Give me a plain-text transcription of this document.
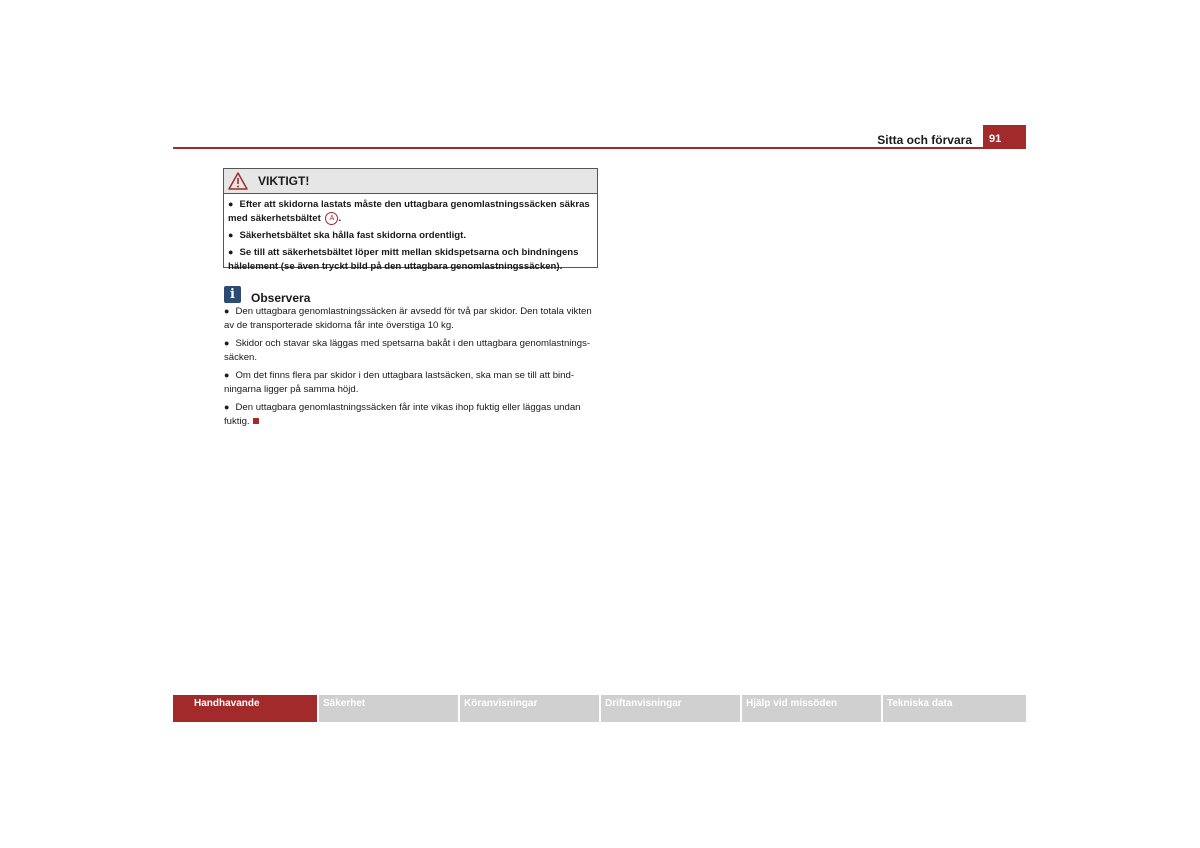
Sitta och förvara	91
VIKTIGT!
● Efter att skidorna lastats måste den uttagbara genomlastningssäcken säkras med säkerhetsbältet A .
● Säkerhetsbältet ska hålla fast skidorna ordentligt.
● Se till att säkerhetsbältet löper mitt mellan skidspetsarna och bindningens hälelement (se även tryckt bild på den uttagbara genomlastningssäcken).
i	Observera
● Den uttagbara genomlastningssäcken är avsedd för två par skidor. Den totala vikten av de transporterade skidorna får inte överstiga 10 kg.
● Skidor och stavar ska läggas med spetsarna bakåt i den uttagbara genomlastnings-säcken.
● Om det finns flera par skidor i den uttagbara lastsäcken, ska man se till att bind-ningarna ligger på samma höjd.
● Den uttagbara genomlastningssäcken får inte vikas ihop fuktig eller läggas undan fuktig.
Handhavande	Säkerhet	Köranvisningar	Driftanvisningar	Hjälp vid missöden	Tekniska data
